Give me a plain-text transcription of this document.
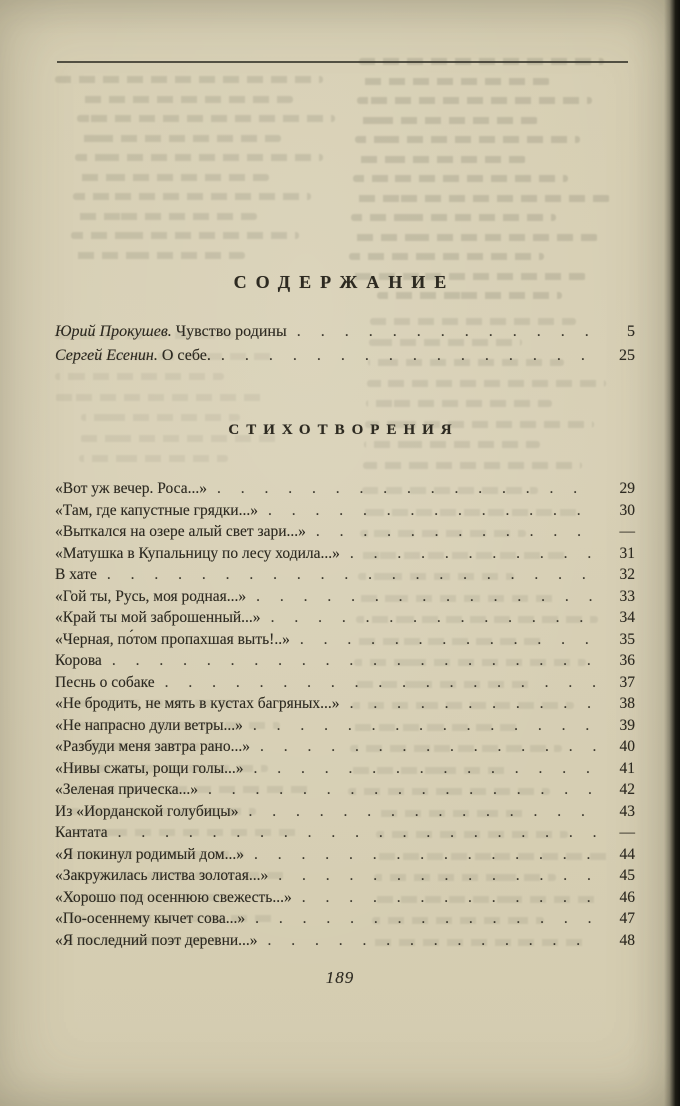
СОДЕРЖАНИЕ
Юрий Прокушев. Чувство родины . . .	5
Сергей Есенин. О себе. . . .	25
СТИХОТВОРЕНИЯ
«Вот уж вечер. Роса...» . . .	29
«Там, где капустные грядки...» . . .	30
«Выткался на озере алый свет зари...» . . .	—
«Матушка в Купальницу по лесу ходила...» . . .	31
В хате . . .	32
«Гой ты, Русь, моя родная...» . . .	33
«Край ты мой заброшенный...» . . .	34
«Черная, по́том пропахшая выть!..» . . .	35
Корова . . .	36
Песнь о собаке . . .	37
«Не бродить, не мять в кустах багряных...» . . .	38
«Не напрасно дули ветры...» . . .	39
«Разбуди меня завтра рано...» . . .	40
«Нивы сжаты, рощи голы...» . . .	41
«Зеленая прическа...» . . .	42
Из «Иорданской голубицы» . . .	43
Кантата . . .	—
«Я покинул родимый дом...» . . .	44
«Закружилась листва золотая...» . . .	45
«Хорошо под осеннюю свежесть...» . . .	46
«По-осеннему кычет сова...» . . .	47
«Я последний поэт деревни...» . . .	48
189
